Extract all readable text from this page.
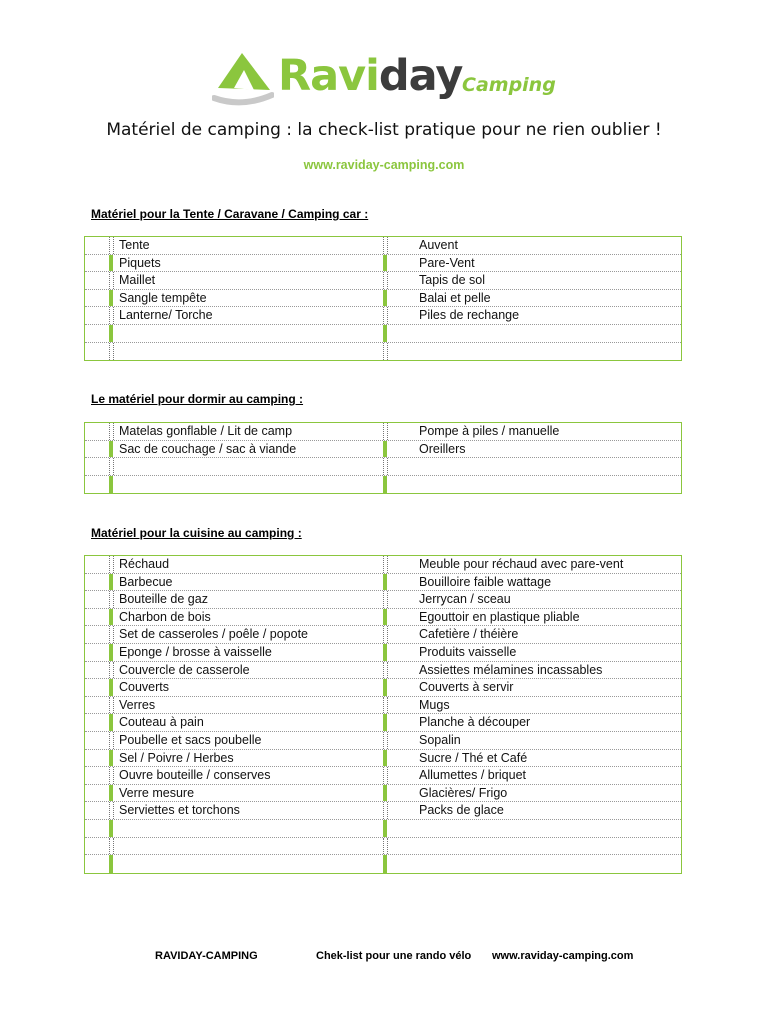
Raviday Camping
Matériel de camping : la check-list pratique pour ne rien oublier !
www.raviday-camping.com
Matériel pour la Tente / Caravane / Camping car :
Tente	Auvent
Piquets	Pare-Vent
Maillet	Tapis de sol
Sangle tempête	Balai et pelle
Lanterne/ Torche	Piles de rechange
Le matériel pour dormir au camping :
Matelas gonflable / Lit de camp	Pompe à piles / manuelle
Sac de couchage / sac à viande	Oreillers
Matériel pour la cuisine au camping :
Réchaud	Meuble pour réchaud avec pare-vent
Barbecue	Bouilloire faible wattage
Bouteille de gaz	Jerrycan / sceau
Charbon de bois	Egouttoir en plastique pliable
Set de casseroles / poêle / popote	Cafetière / théière
Eponge / brosse à vaisselle	Produits vaisselle
Couvercle de casserole	Assiettes mélamines incassables
Couverts	Couverts à servir
Verres	Mugs
Couteau à pain	Planche à découper
Poubelle et sacs poubelle	Sopalin
Sel / Poivre / Herbes	Sucre / Thé et Café
Ouvre bouteille / conserves	Allumettes / briquet
Verre mesure	Glacières/ Frigo
Serviettes et torchons	Packs de glace
RAVIDAY-CAMPING	Chek-list pour une rando vélo www.raviday-camping.com
